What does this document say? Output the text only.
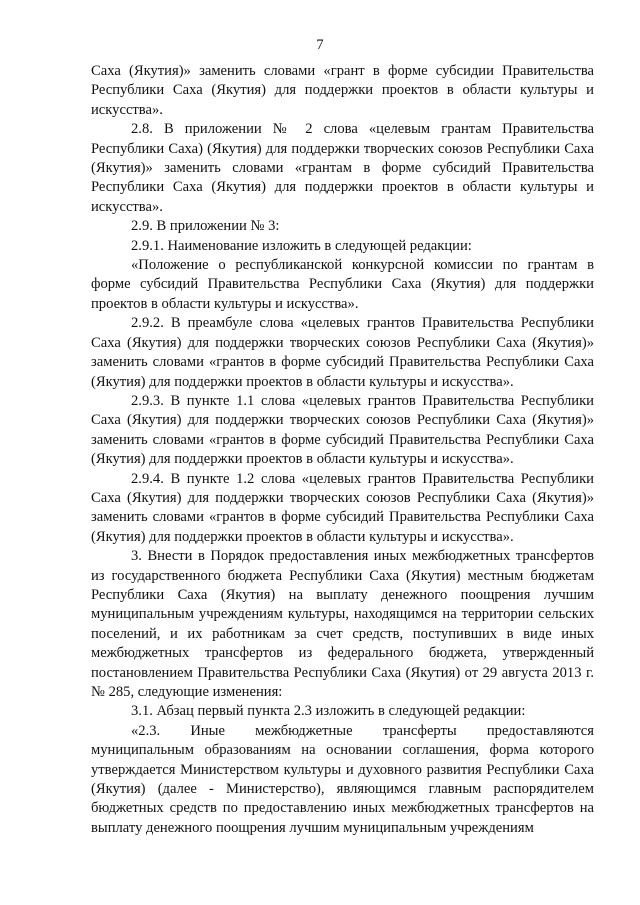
7

Саха (Якутия)» заменить словами «грант в форме субсидии Правительства Республики Саха (Якутия) для поддержки проектов в области культуры и искусства».

2.8. В приложении № 2 слова «целевым грантам Правительства Республики Саха) (Якутия) для поддержки творческих союзов Республики Саха (Якутия)» заменить словами «грантам в форме субсидий Правительства Республики Саха (Якутия) для поддержки проектов в области культуры и искусства».

2.9. В приложении № 3:

2.9.1. Наименование изложить в следующей редакции:

«Положение о республиканской конкурсной комиссии по грантам в форме субсидий Правительства Республики Саха (Якутия) для поддержки проектов в области культуры и искусства».

2.9.2. В преамбуле слова «целевых грантов Правительства Республики Саха (Якутия) для поддержки творческих союзов Республики Саха (Якутия)» заменить словами «грантов в форме субсидий Правительства Республики Саха (Якутия) для поддержки проектов в области культуры и искусства».

2.9.3. В пункте 1.1 слова «целевых грантов Правительства Республики Саха (Якутия) для поддержки творческих союзов Республики Саха (Якутия)» заменить словами «грантов в форме субсидий Правительства Республики Саха (Якутия) для поддержки проектов в области культуры и искусства».

2.9.4. В пункте 1.2 слова «целевых грантов Правительства Республики Саха (Якутия) для поддержки творческих союзов Республики Саха (Якутия)» заменить словами «грантов в форме субсидий Правительства Республики Саха (Якутия) для поддержки проектов в области культуры и искусства».

3. Внести в Порядок предоставления иных межбюджетных трансфертов из государственного бюджета Республики Саха (Якутия) местным бюджетам Республики Саха (Якутия) на выплату денежного поощрения лучшим муниципальным учреждениям культуры, находящимся на территории сельских поселений, и их работникам за счет средств, поступивших в виде иных межбюджетных трансфертов из федерального бюджета, утвержденный постановлением Правительства Республики Саха (Якутия) от 29 августа 2013 г. № 285, следующие изменения:

3.1. Абзац первый пункта 2.3 изложить в следующей редакции:

«2.3. Иные межбюджетные трансферты предоставляются муниципальным образованиям на основании соглашения, форма которого утверждается Министерством культуры и духовного развития Республики Саха (Якутия) (далее - Министерство), являющимся главным распорядителем бюджетных средств по предоставлению иных межбюджетных трансфертов на выплату денежного поощрения лучшим муниципальным учреждениям
